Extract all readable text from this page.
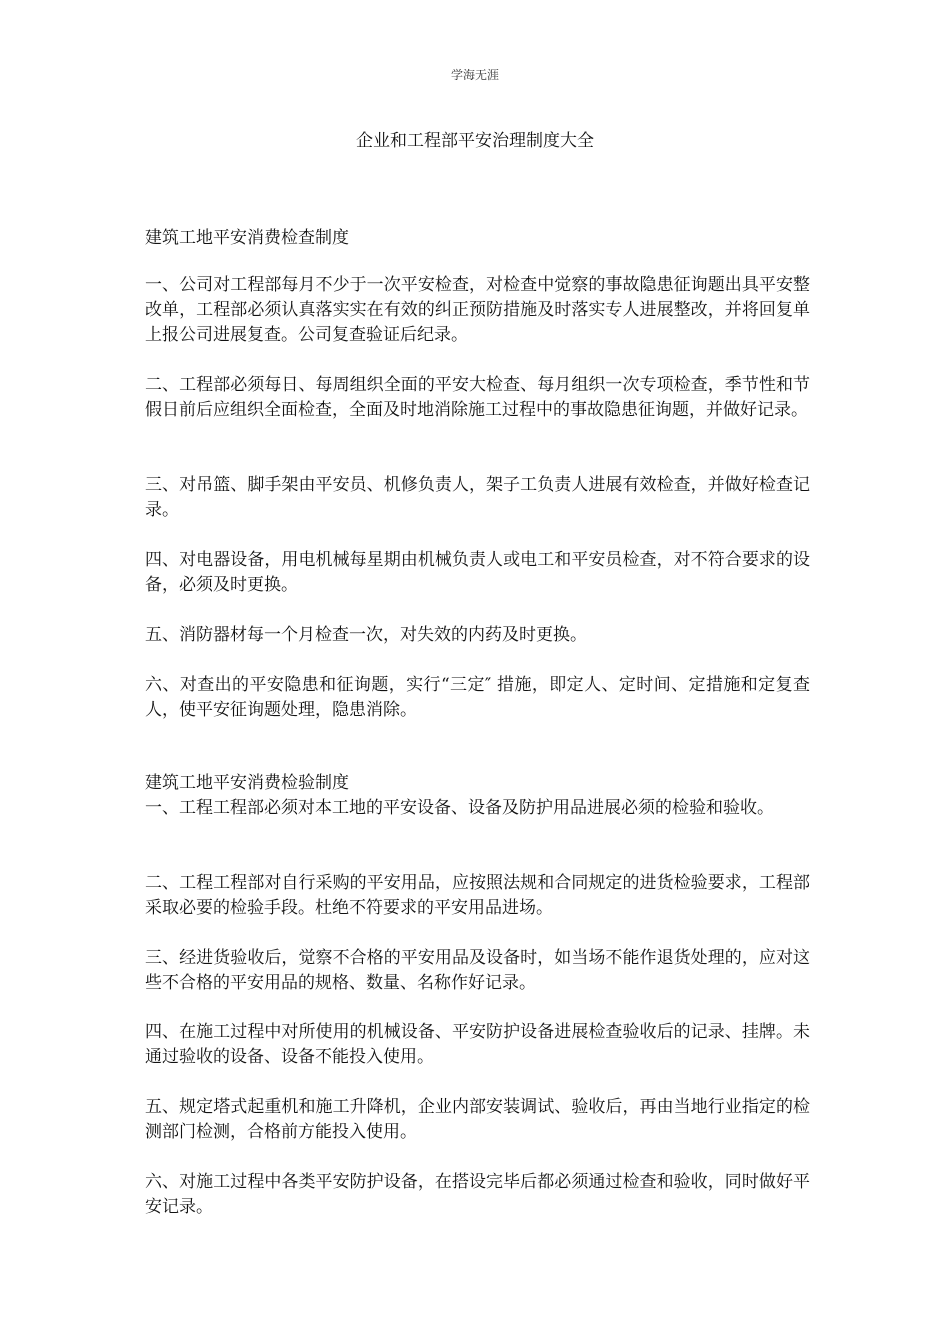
学海无涯
企业和工程部平安治理制度大全
建筑工地平安消费检查制度
一、公司对工程部每月不少于一次平安检查，对检查中觉察的事故隐患征询题出具平安整改单，工程部必须认真落实实在有效的纠正预防措施及时落实专人进展整改，并将回复单上报公司进展复查。公司复查验证后纪录。
二、工程部必须每日、每周组织全面的平安大检查、每月组织一次专项检查，季节性和节假日前后应组织全面检查，全面及时地消除施工过程中的事故隐患征询题，并做好记录。
三、对吊篮、脚手架由平安员、机修负责人，架子工负责人进展有效检查，并做好检查记录。
四、对电器设备，用电机械每星期由机械负责人或电工和平安员检查，对不符合要求的设备，必须及时更换。
五、消防器材每一个月检查一次，对失效的内药及时更换。
六、对查出的平安隐患和征询题，实行“三定″ 措施，即定人、定时间、定措施和定复查人，使平安征询题处理，隐患消除。
建筑工地平安消费检验制度
一、工程工程部必须对本工地的平安设备、设备及防护用品进展必须的检验和验收。
二、工程工程部对自行采购的平安用品，应按照法规和合同规定的进货检验要求，工程部采取必要的检验手段。杜绝不符要求的平安用品进场。
三、经进货验收后，觉察不合格的平安用品及设备时，如当场不能作退货处理的，应对这些不合格的平安用品的规格、数量、名称作好记录。
四、在施工过程中对所使用的机械设备、平安防护设备进展检查验收后的记录、挂牌。未通过验收的设备、设备不能投入使用。
五、规定塔式起重机和施工升降机，企业内部安装调试、验收后，再由当地行业指定的检测部门检测，合格前方能投入使用。
六、对施工过程中各类平安防护设备，在搭设完毕后都必须通过检查和验收，同时做好平安记录。
